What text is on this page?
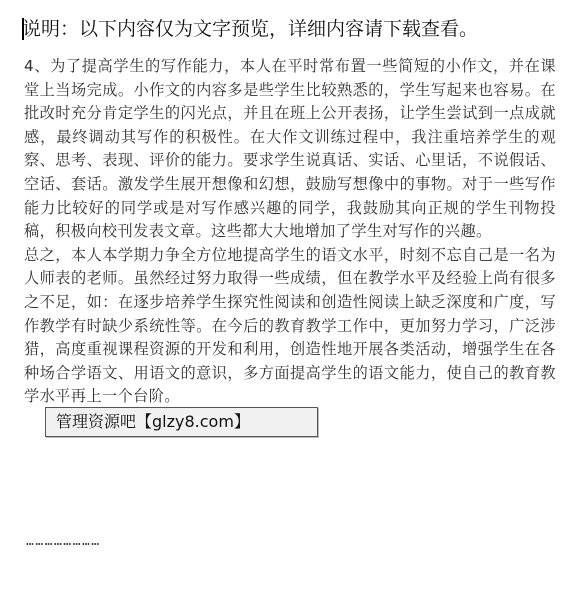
说明：以下内容仅为文字预览，详细内容请下载查看。

4、为了提高学生的写作能力，本人在平时常布置一些简短的小作文，并在课堂上当场完成。小作文的内容多是些学生比较熟悉的，学生写起来也容易。在批改时充分肯定学生的闪光点，并且在班上公开表扬，让学生尝试到一点成就感，最终调动其写作的积极性。在大作文训练过程中，我注重培养学生的观察、思考、表现、评价的能力。要求学生说真话、实话、心里话，不说假话、空话、套话。激发学生展开想像和幻想，鼓励写想像中的事物。对于一些写作能力比较好的同学或是对写作感兴趣的同学，我鼓励其向正规的学生刊物投稿，积极向校刊发表文章。这些都大大地增加了学生对写作的兴趣。

总之，本人本学期力争全方位地提高学生的语文水平，时刻不忘自己是一名为人师表的老师。虽然经过努力取得一些成绩，但在教学水平及经验上尚有很多之不足，如：在逐步培养学生探究性阅读和创造性阅读上缺乏深度和广度，写作教学有时缺少系统性等。在今后的教育教学工作中，更加努力学习，广泛涉猎，高度重视课程资源的开发和利用，创造性地开展各类活动，增强学生在各种场合学语文、用语文的意识，多方面提高学生的语文能力，使自己的教育教学水平再上一个台阶。

……………………
管理资源吧【glzy8.com】
